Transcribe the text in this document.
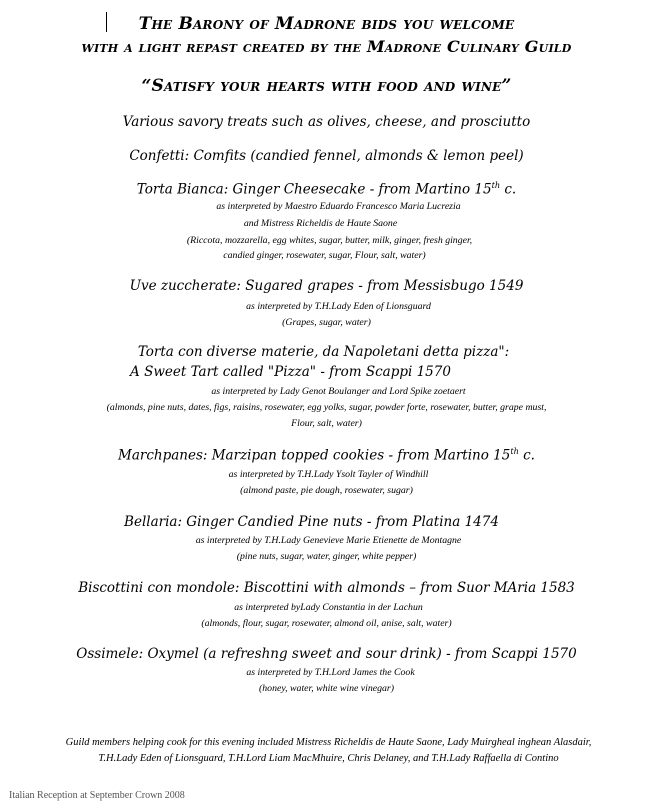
The Barony of Madrone bids you welcome
with a light repast created by the Madrone Culinary Guild
“Satisfy your hearts with food and wine”
Various savory treats such as olives, cheese, and prosciutto
Confetti: Comfits (candied fennel, almonds & lemon peel)
Torta Bianca: Ginger Cheesecake - from Martino 15th c.
as interpreted by Maestro Eduardo Francesco Maria Lucrezia
and Mistress Richeldis de Haute Saone
(Riccota, mozzarella, egg whites, sugar, butter, milk, ginger, fresh ginger,
candied ginger, rosewater, sugar, Flour, salt, water)
Uve zuccherate: Sugared grapes - from Messisbugo 1549
as interpreted by T.H.Lady Eden of Lionsguard
(Grapes, sugar, water)
Torta con diverse materie, da Napoletani detta pizza":
A Sweet Tart called "Pizza" - from Scappi 1570
as interpreted by Lady Genot Boulanger and Lord Spike zoetaert
(almonds, pine nuts, dates, figs, raisins, rosewater, egg yolks, sugar, powder forte, rosewater, butter, grape must,
Flour, salt, water)
Marchpanes: Marzipan topped cookies - from Martino 15th c.
as interpreted by T.H.Lady Ysolt Tayler of Windhill
(almond paste, pie dough, rosewater, sugar)
Bellaria: Ginger Candied Pine nuts - from Platina 1474
as interpreted by T.H.Lady Genevieve Marie Etienette de Montagne
(pine nuts, sugar, water, ginger, white pepper)
Biscottini con mondole: Biscottini with almonds – from Suor MAria 1583
as interpreted byLady Constantia in der Lachun
(almonds, flour, sugar, rosewater, almond oil, anise, salt, water)
Ossimele: Oxymel (a refreshng sweet and sour drink) - from Scappi 1570
as interpreted by T.H.Lord James the Cook
(honey, water, white wine vinegar)
Guild members helping cook for this evening included Mistress Richeldis de Haute Saone, Lady Muirgheal inghean Alasdair,
T.H.Lady Eden of Lionsguard, T.H.Lord Liam MacMhuire, Chris Delaney, and T.H.Lady Raffaella di Contino
Italian Reception at September Crown 2008
